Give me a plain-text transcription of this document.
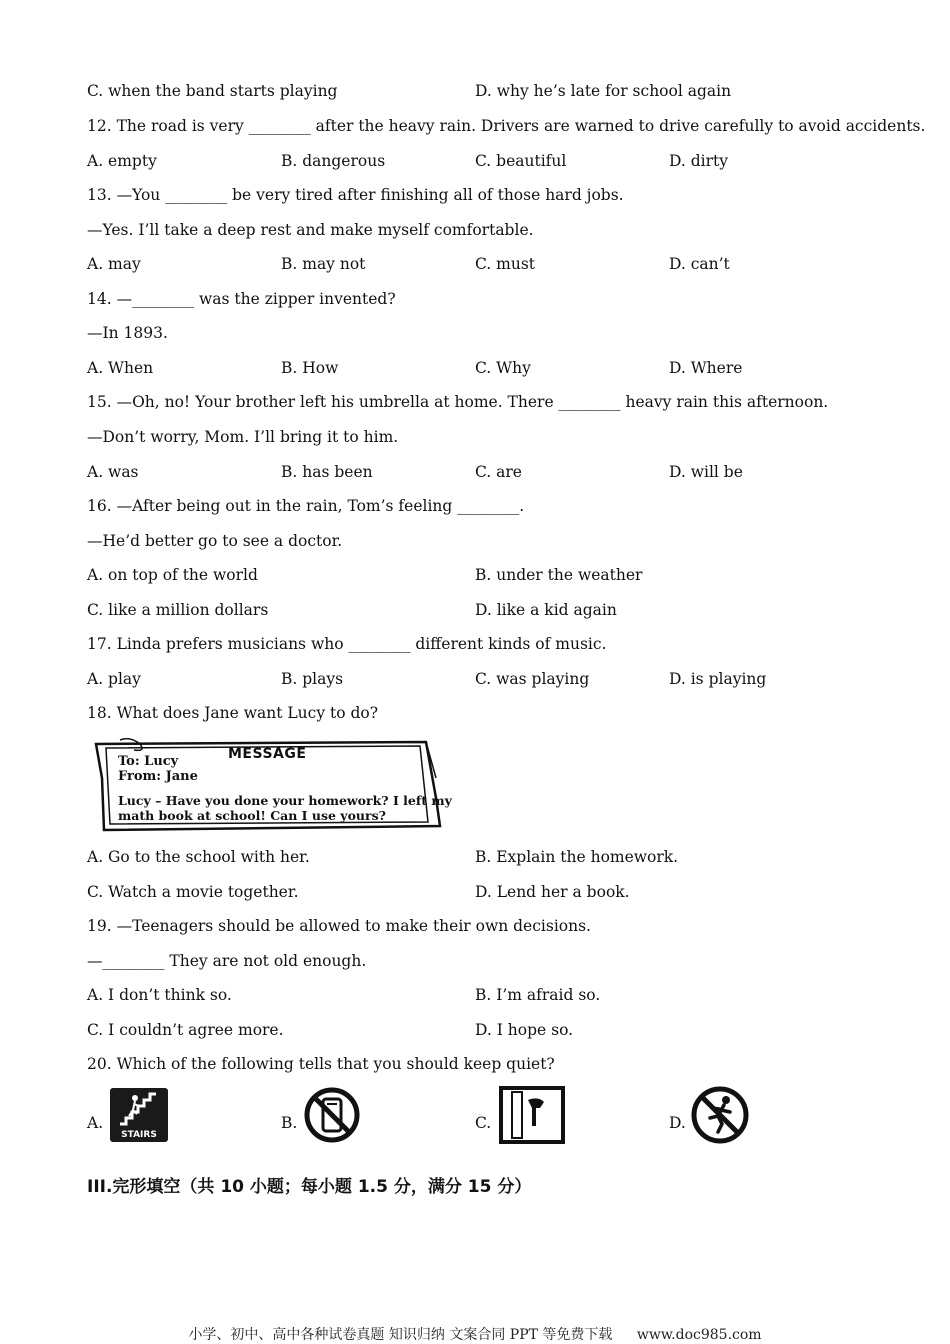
C. when the band starts playing	D. why he’s late for school again
12. The road is very ________ after the heavy rain. Drivers are warned to drive carefully to avoid accidents.
A. empty	B. dangerous	C. beautiful	D. dirty
13. —You ________ be very tired after finishing all of those hard jobs.
—Yes. I’ll take a deep rest and make myself comfortable.
A. may	B. may not	C. must	D. can’t
14. —________ was the zipper invented?
—In 1893.
A. When	B. How	C. Why	D. Where
15. —Oh, no! Your brother left his umbrella at home. There ________ heavy rain this afternoon.
—Don’t worry, Mom. I’ll bring it to him.
A. was	B. has been	C. are	D. will be
16. —After being out in the rain, Tom’s feeling ________.
—He’d better go to see a doctor.
A. on top of the world	B. under the weather
C. like a million dollars	D. like a kid again
17. Linda prefers musicians who ________ different kinds of music.
A. play	B. plays	C. was playing	D. is playing
18. What does Jane want Lucy to do?
MESSAGE
To: Lucy
From: Jane
Lucy – Have you done your homework? I left my
math book at school! Can I use yours?
A. Go to the school with her.	B. Explain the homework.
C. Watch a movie together.	D. Lend her a book.
19. —Teenagers should be allowed to make their own decisions.
—________ They are not old enough.
A. I don’t think so.	B. I’m afraid so.
C. I couldn’t agree more.	D. I hope so.
20. Which of the following tells that you should keep quiet?
A.
STAIRS
B.	C.	D.
III.完形填空（共 10 小题；每小题 1.5 分，满分 15 分）
小学、初中、高中各种试卷真题 知识归纳 文案合同 PPT 等免费下载 www.doc985.com
